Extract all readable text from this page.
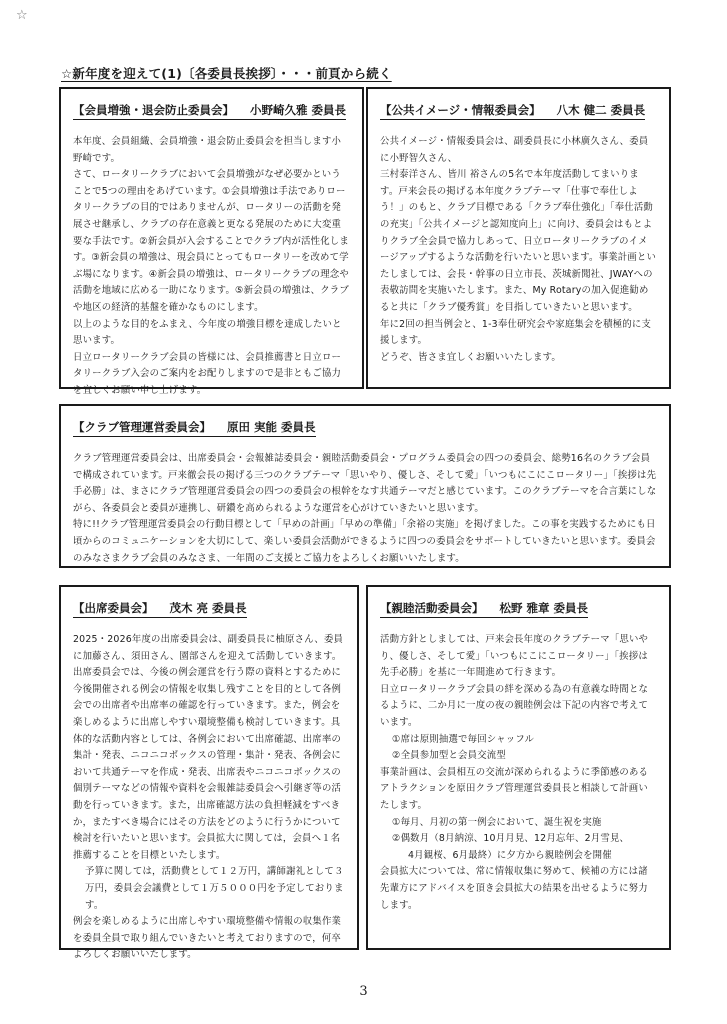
☆
☆新年度を迎えて(1)〔各委員長挨拶〕・・・前頁から続く
【会員増強・退会防止委員会】 小野崎久雅 委員長

本年度、会員組織、会員増強・退会防止委員会を担当します小野崎です。

さて、ロータリークラブにおいて会員増強がなぜ必要かということで5つの理由をあげています。①会員増強は手法でありロータリークラブの目的ではありませんが、ロータリーの活動を発展させ継承し、クラブの存在意義と更なる発展のために大変重要な手法です。②新会員が入会することでクラブ内が活性化します。③新会員の増強は、現会員にとってもロータリーを改めて学ぶ場になります。④新会員の増強は、ロータリークラブの理念や活動を地域に広める一助になります。⑤新会員の増強は、クラブや地区の経済的基盤を確かなものにします。

以上のような目的をふまえ、今年度の増強目標を達成したいと思います。

日立ロータリークラブ会員の皆様には、会員推薦書と日立ロータリークラブ入会のご案内をお配りしますので是非ともご協力を宜しくお願い申し上げます。

【公共イメージ・情報委員会】 八木 健二 委員長

公共イメージ・情報委員会は、副委員長に小林廣久さん、委員に小野智久さん、

三村泰洋さん、皆川 裕さんの5名で本年度活動してまいります。戸来会長の掲げる本年度クラブテーマ「仕事で奉仕しよう！」のもと、クラブ目標である「クラブ奉仕強化」「奉仕活動の充実」「公共イメージと認知度向上」に向け、委員会はもとよりクラブ全会員で協力しあって、日立ロータリークラブのイメージアップするような活動を行いたいと思います。事業計画といたしましては、会長・幹事の日立市長、茨城新聞社、JWAYへの表敬訪問を実施いたします。また、My Rotaryの加入促進勧めると共に「クラブ優秀賞」を目指していきたいと思います。

年に2回の担当例会と、1-3奉仕研究会や家庭集会を積極的に支援します。

どうぞ、皆さま宜しくお願いいたします。

【クラブ管理運営委員会】 原田 実能 委員長

クラブ管理運営委員会は、出席委員会・会報雑誌委員会・親睦活動委員会・プログラム委員会の四つの委員会、総勢16名のクラブ会員で構成されています。戸来徹会長の掲げる三つのクラブテーマ「思いやり、優しさ、そして愛」「いつもにこにこロータリー」「挨拶は先手必勝」は、まさにクラブ管理運営委員会の四つの委員会の根幹をなす共通テーマだと感じています。このクラブテーマを合言葉にしながら、各委員会と委員が連携し、研鑽を高められるような運営を心がけていきたいと思います。

特に!!クラブ管理運営委員会の行動目標として「早めの計画」「早めの準備」「余裕の実施」を掲げました。この事を実践するためにも日頃からのコミュニケーションを大切にして、楽しい委員会活動ができるように四つの委員会をサポートしていきたいと思います。委員会のみなさまクラブ会員のみなさま、一年間のご支援とご協力をよろしくお願いいたします。

【出席委員会】 茂木 亮 委員長

2025・2026年度の出席委員会は、副委員長に柚原さん、委員に加藤さん、須田さん、園部さんを迎えて活動していきます。

出席委員会では、今後の例会運営を行う際の資料とするために今後開催される例会の情報を収集し残すことを目的として各例会での出席者や出席率の確認を行っていきます。また，例会を楽しめるように出席しやすい環境整備も検討していきます。具体的な活動内容としては、各例会において出席確認、出席率の集計・発表、ニコニコボックスの管理・集計・発表、各例会において共通テーマを作成・発表、出席表やニコニコボックスの個別テーマなどの情報や資料を会報雑誌委員会へ引継ぎ等の活動を行っていきます。また，出席確認方法の負担軽減をすべきか，またすべき場合にはその方法をどのように行うかについて検討を行いたいと思います。会員拡大に関しては，会員へ１名推薦することを目標といたします。

予算に関しては，活動費として１２万円，講師謝礼として３万円，委員会会議費として１万５０００円を予定しております。

例会を楽しめるように出席しやすい環境整備や情報の収集作業を委員全員で取り組んでいきたいと考えておりますので，何卒よろしくお願いいたします。

【親睦活動委員会】 松野 雅章 委員長

活動方針としましては、戸来会長年度のクラブテーマ「思いやり、優しさ、そして愛」「いつもにこにこロータリー」「挨拶は先手必勝」を基に一年間進めて行きます。

日立ロータリークラブ会員の絆を深める為の有意義な時間となるように、二か月に一度の夜の親睦例会は下記の内容で考えています。

①席は原則抽選で毎回シャッフル

②全員参加型と会員交流型

事業計画は、会員相互の交流が深められるように季節感のあるアトラクションを原田クラブ管理運営委員長と相談して計画いたします。

①毎月、月初の第一例会において、誕生祝を実施

②偶数月（8月納涼、10月月見、12月忘年、2月雪見、

4月観桜、6月最終）に夕方から親睦例会を開催

会員拡大については、常に情報収集に努めて、候補の方には諸先輩方にアドバイスを頂き会員拡大の結果を出せるように努力します。

3
